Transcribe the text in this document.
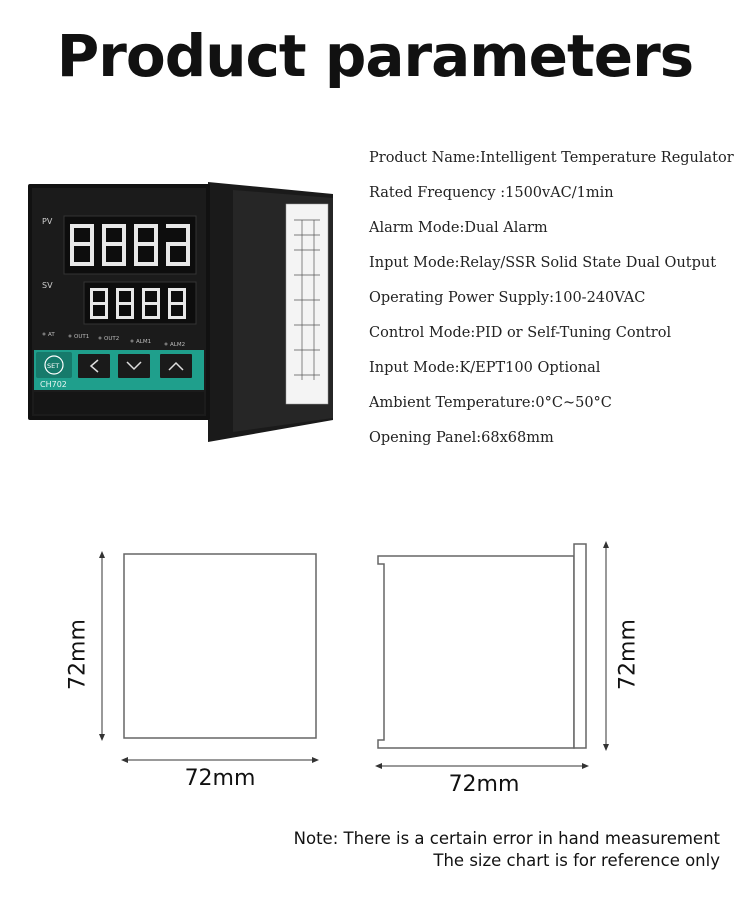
Product parameters
PV
SV
AT	OUT1	OUT2	ALM1	ALM2
SET
CH702
Product Name:Intelligent Temperature Regulator
Rated Frequency :1500vAC/1min
Alarm Mode:Dual Alarm
Input Mode:Relay/SSR Solid State Dual Output
Operating Power Supply:100-240VAC
Control Mode:PID or Self-Tuning Control
Input Mode:K/EPT100 Optional
Ambient Temperature:0°C~50°C
Opening Panel:68x68mm
72mm
72mm
72mm
72mm
Note: There is a certain error in hand measurement
The size chart is for reference only
